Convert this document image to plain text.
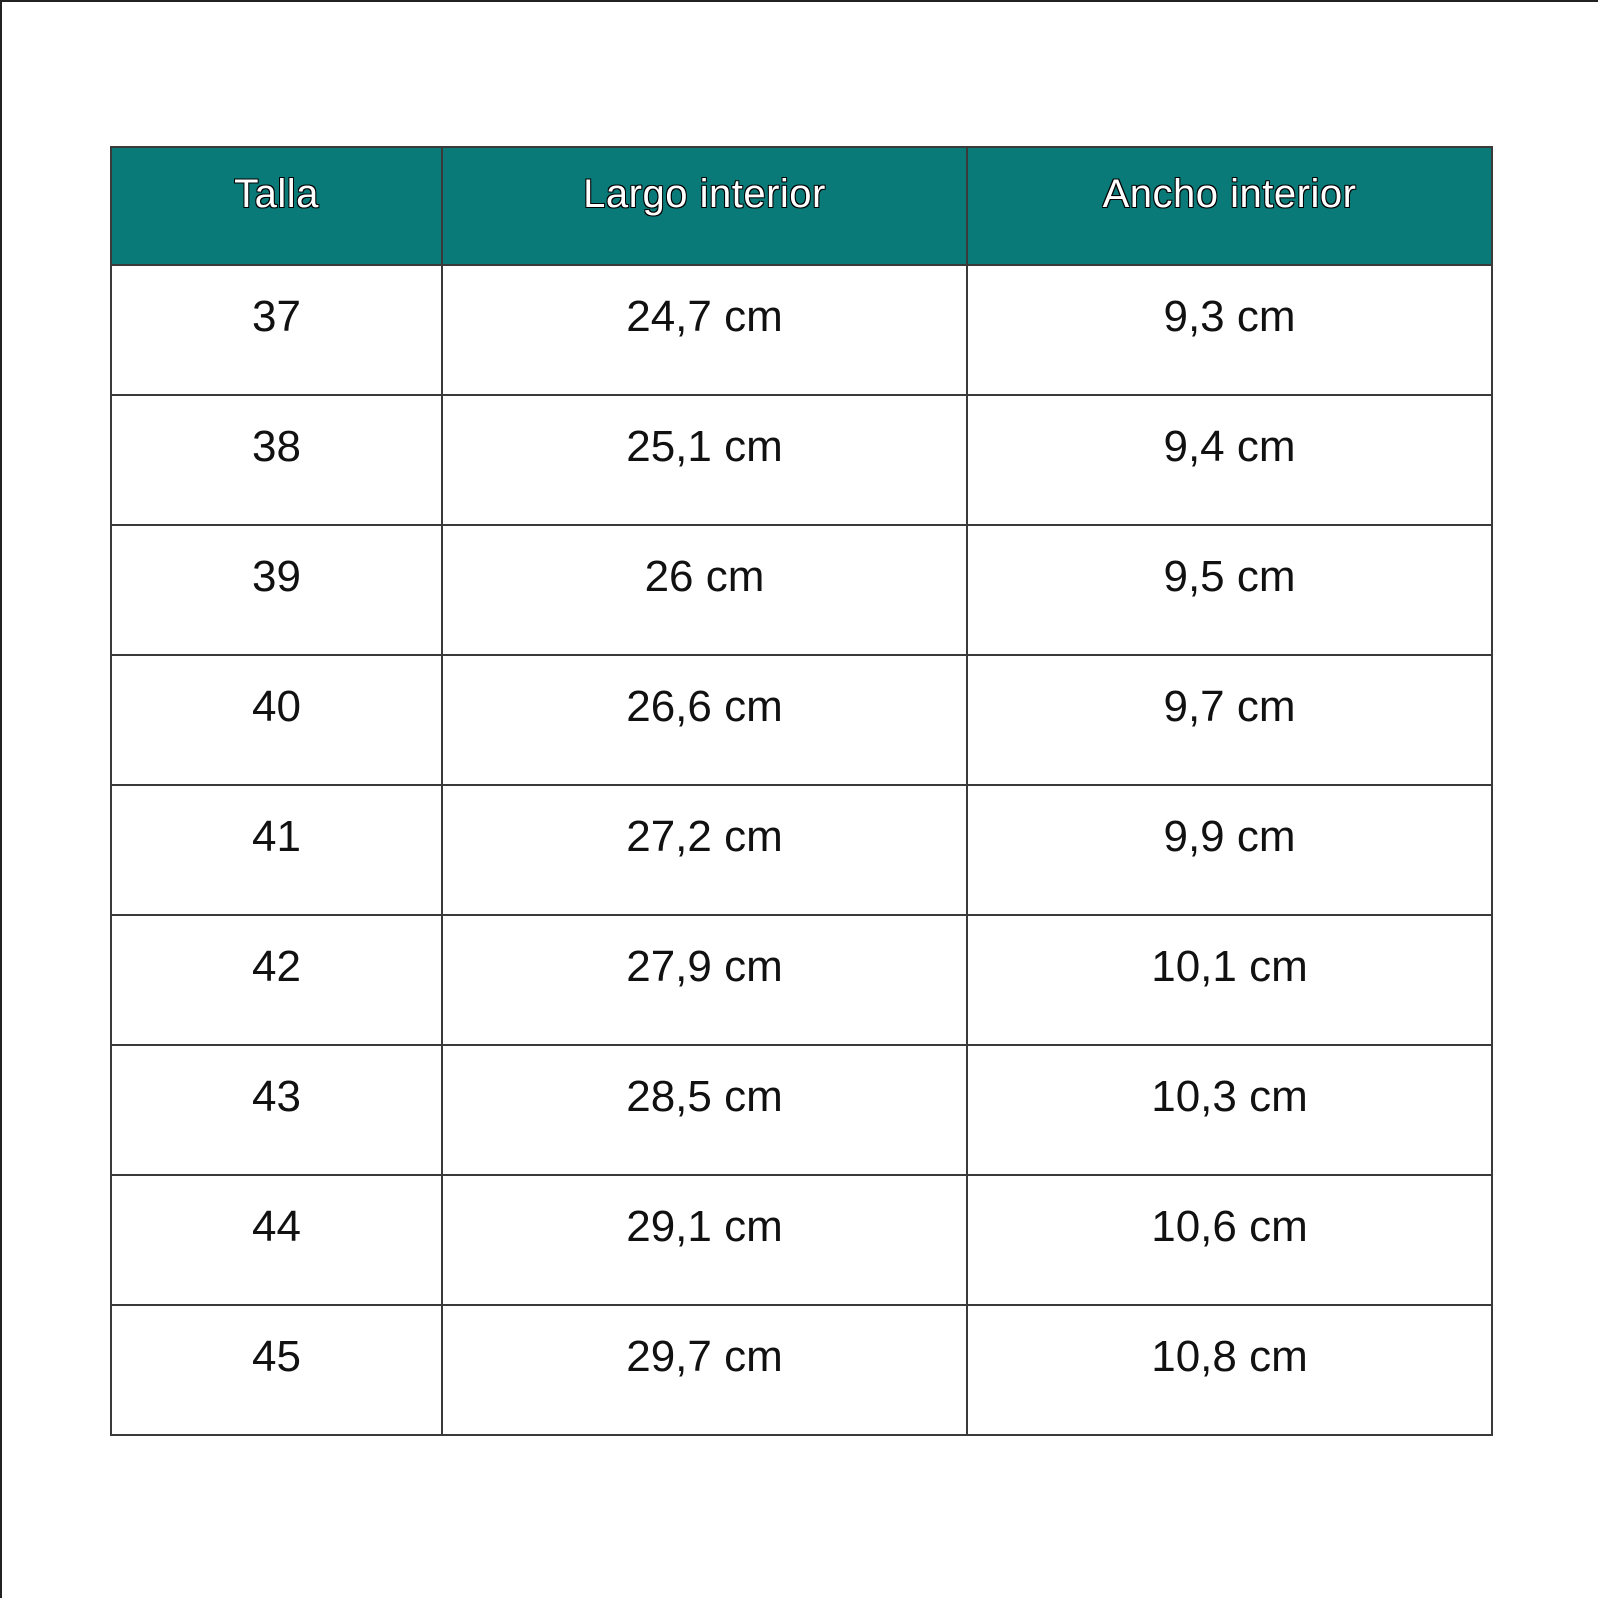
Talla	Largo interior	Ancho interior
37	24,7 cm	9,3 cm
38	25,1 cm	9,4 cm
39	26 cm	9,5 cm
40	26,6 cm	9,7 cm
41	27,2 cm	9,9 cm
42	27,9 cm	10,1 cm
43	28,5 cm	10,3 cm
44	29,1 cm	10,6 cm
45	29,7 cm	10,8 cm
